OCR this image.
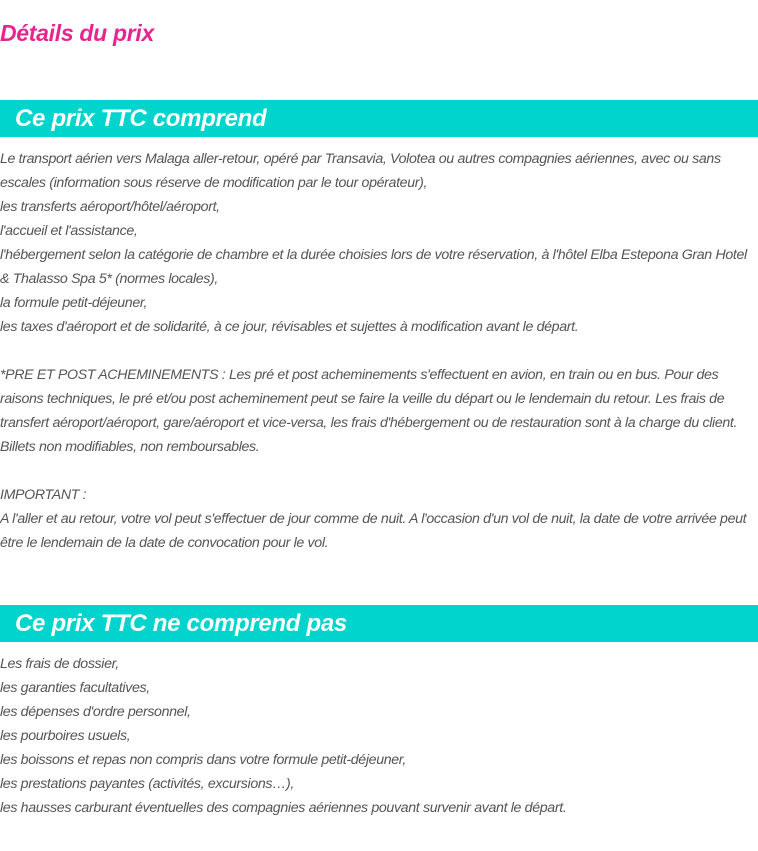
Détails du prix
Ce prix TTC comprend
Le transport aérien vers Malaga aller-retour, opéré par Transavia, Volotea ou autres compagnies aériennes, avec ou sans escales (information sous réserve de modification par le tour opérateur),
les transferts aéroport/hôtel/aéroport,
l'accueil et l'assistance,
l'hébergement selon la catégorie de chambre et la durée choisies lors de votre réservation, à l'hôtel Elba Estepona Gran Hotel & Thalasso Spa 5* (normes locales),
la formule petit-déjeuner,
les taxes d'aéroport et de solidarité, à ce jour, révisables et sujettes à modification avant le départ.
*PRE ET POST ACHEMINEMENTS : Les pré et post acheminements s'effectuent en avion, en train ou en bus. Pour des raisons techniques, le pré et/ou post acheminement peut se faire la veille du départ ou le lendemain du retour. Les frais de transfert aéroport/aéroport, gare/aéroport et vice-versa, les frais d'hébergement ou de restauration sont à la charge du client. Billets non modifiables, non remboursables.
IMPORTANT :
A l'aller et au retour, votre vol peut s'effectuer de jour comme de nuit. A l'occasion d'un vol de nuit, la date de votre arrivée peut être le lendemain de la date de convocation pour le vol.
Ce prix TTC ne comprend pas
Les frais de dossier,
les garanties facultatives,
les dépenses d'ordre personnel,
les pourboires usuels,
les boissons et repas non compris dans votre formule petit-déjeuner,
les prestations payantes (activités, excursions…),
les hausses carburant éventuelles des compagnies aériennes pouvant survenir avant le départ.
